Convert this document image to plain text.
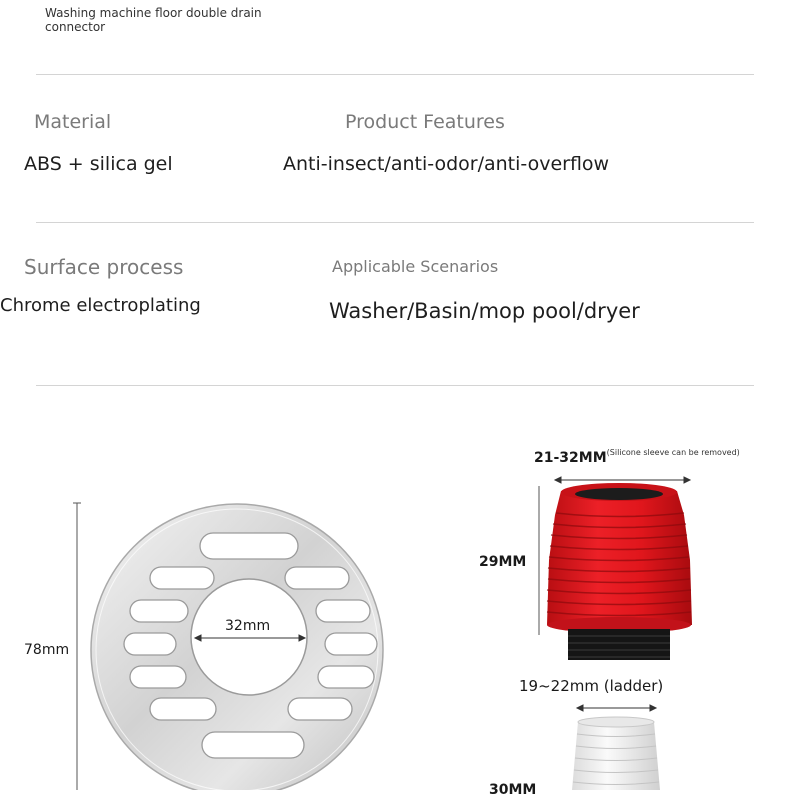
Washing machine floor double drain connector
Material	Product Features
ABS + silica gel	Anti-insect/anti-odor/anti-overflow
Surface process	Applicable Scenarios
Chrome electroplating	Washer/Basin/mop pool/dryer
78mm
32mm
21-32MM$^{(Silicone sleeve can be removed)}$
29MM
19~22mm (ladder)
30MM
